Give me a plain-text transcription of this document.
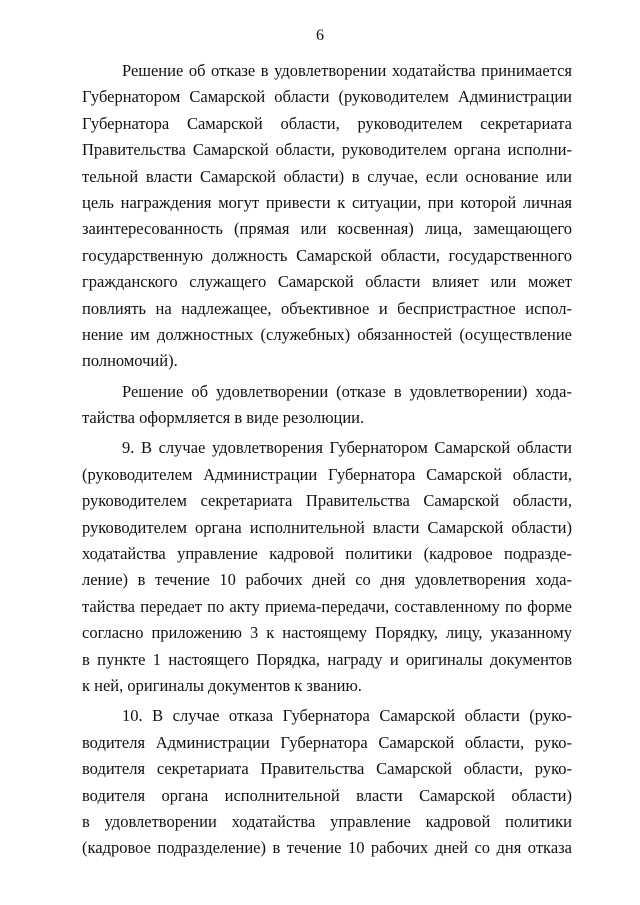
6
Решение об отказе в удовлетворении ходатайства принимается
Губернатором Самарской области (руководителем Администрации
Губернатора Самарской области, руководителем секретариата
Правительства Самарской области, руководителем органа исполни-
тельной власти Самарской области) в случае, если основание или
цель награждения могут привести к ситуации, при которой личная
заинтересованность (прямая или косвенная) лица, замещающего
государственную должность Самарской области, государственного
гражданского служащего Самарской области влияет или может
повлиять на надлежащее, объективное и беспристрастное испол-
нение им должностных (служебных) обязанностей (осуществление
полномочий).
Решение об удовлетворении (отказе в удовлетворении) хода-
тайства оформляется в виде резолюции.
9. В случае удовлетворения Губернатором Самарской области
(руководителем Администрации Губернатора Самарской области,
руководителем секретариата Правительства Самарской области,
руководителем органа исполнительной власти Самарской области)
ходатайства управление кадровой политики (кадровое подразде-
ление) в течение 10 рабочих дней со дня удовлетворения хода-
тайства передает по акту приема-передачи, составленному по форме
согласно приложению 3 к настоящему Порядку, лицу, указанному
в пункте 1 настоящего Порядка, награду и оригиналы документов
к ней, оригиналы документов к званию.
10. В случае отказа Губернатора Самарской области (руко-
водителя Администрации Губернатора Самарской области, руко-
водителя секретариата Правительства Самарской области, руко-
водителя органа исполнительной власти Самарской области)
в удовлетворении ходатайства управление кадровой политики
(кадровое подразделение) в течение 10 рабочих дней со дня отказа
